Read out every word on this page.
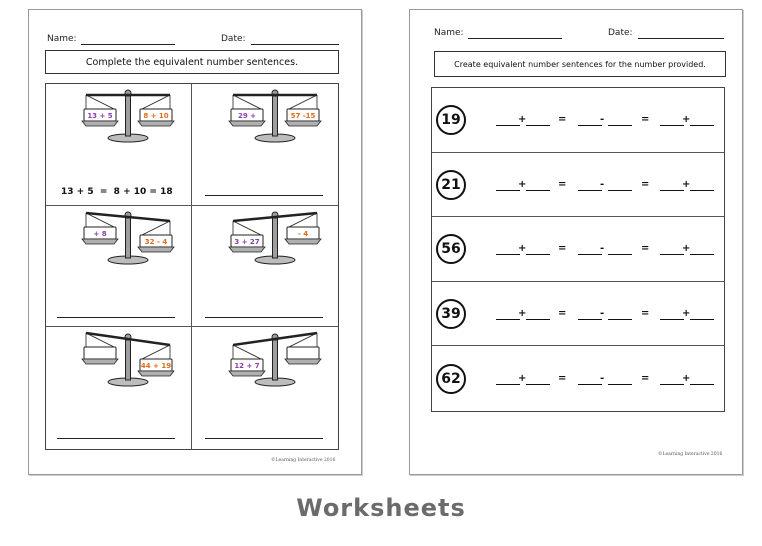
Name:	Date:
Complete the equivalent number sentences.
13 + 5	8 + 10	29 +	57 -15
+ 8
32 - 4	3 + 27
- 4
44 + 19	12 + 7
13 + 5  =  8 + 10 = 18
©Learning Interactive 2016
Name:	Date:
Create equivalent number sentences for the number provided.
19	+	=	-	=	+
21	+	=	-	=	+
56	+	=	-	=	+
39	+	=	-	=	+
62	+	=	-	=	+
©Learning Interactive 2016
Worksheets
